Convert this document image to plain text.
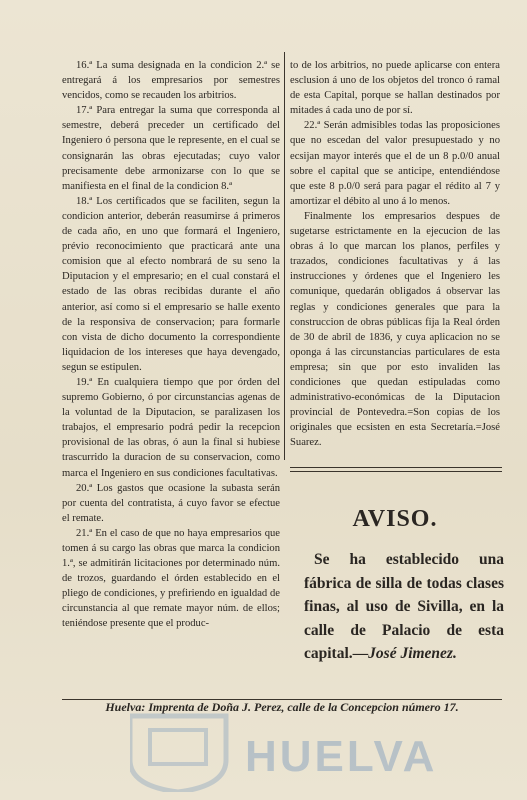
16.ª La suma designada en la condicion 2.ª se entregará á los empresarios por semestres vencidos, como se recauden los arbitrios.

17.ª Para entregar la suma que corresponda al semestre, deberá preceder un certificado del Ingeniero ó persona que le represente, en el cual se consignarán las obras ejecutadas; cuyo valor precisamente debe armonizarse con lo que se manifiesta en el final de la condicion 8.ª

18.ª Los certificados que se faciliten, segun la condicion anterior, deberán reasumirse á primeros de cada año, en uno que formará el Ingeniero, prévio reconocimiento que practicará ante una comision que al efecto nombrará de su seno la Diputacion y el empresario; en el cual constará el estado de las obras recibidas durante el año anterior, así como si el empresario se halle exento de la responsiva de conservacion; para formarle con vista de dicho documento la correspondiente liquidacion de los intereses que haya devengado, segun se estipulen.

19.ª En cualquiera tiempo que por órden del supremo Gobierno, ó por circunstancias agenas de la voluntad de la Diputacion, se paralizasen los trabajos, el empresario podrá pedir la recepcion provisional de las obras, ó aun la final si hubiese trascurrido la duracion de su conservacion, como marca el Ingeniero en sus condiciones facultativas.

20.ª Los gastos que ocasione la subasta serán por cuenta del contratista, á cuyo favor se efectue el remate.

21.ª En el caso de que no haya empresarios que tomen á su cargo las obras que marca la condicion 1.ª, se admitirán licitaciones por determinado núm. de trozos, guardando el órden establecido en el pliego de condiciones, y prefiriendo en igualdad de circunstancia al que remate mayor núm. de ellos; teniéndose presente que el produc-

to de los arbitrios, no puede aplicarse con entera esclusion á uno de los objetos del tronco ó ramal de esta Capital, porque se hallan destinados por mitades á cada uno de por sí.

22.ª Serán admisibles todas las proposiciones que no escedan del valor presupuestado y no ecsijan mayor interés que el de un 8 p.0/0 anual sobre el capital que se anticipe, entendiéndose que este 8 p.0/0 será para pagar el rédito al 7 y amortizar el débito al uno á lo menos.

Finalmente los empresarios despues de sugetarse estrictamente en la ejecucion de las obras á lo que marcan los planos, perfiles y trazados, condiciones facultativas y á las instrucciones y órdenes que el Ingeniero les comunique, quedarán obligados á observar las reglas y condiciones generales que para la construccion de obras públicas fija la Real órden de 30 de abril de 1836, y cuya aplicacion no se oponga á las circunstancias particulares de esta empresa; sin que por esto invaliden las condiciones que quedan estipuladas como administrativo-económicas de la Diputacion provincial de Pontevedra.=Son copias de los originales que ecsisten en esta Secretaría.=José Suarez.

AVISO.
Se ha establecido una fábrica de silla de todas clases finas, al uso de Sivilla, en la calle de Palacio de esta capital.—José Jimenez.
Huelva: Imprenta de Doña J. Perez, calle de la Concepcion número 17.
HUELVA
